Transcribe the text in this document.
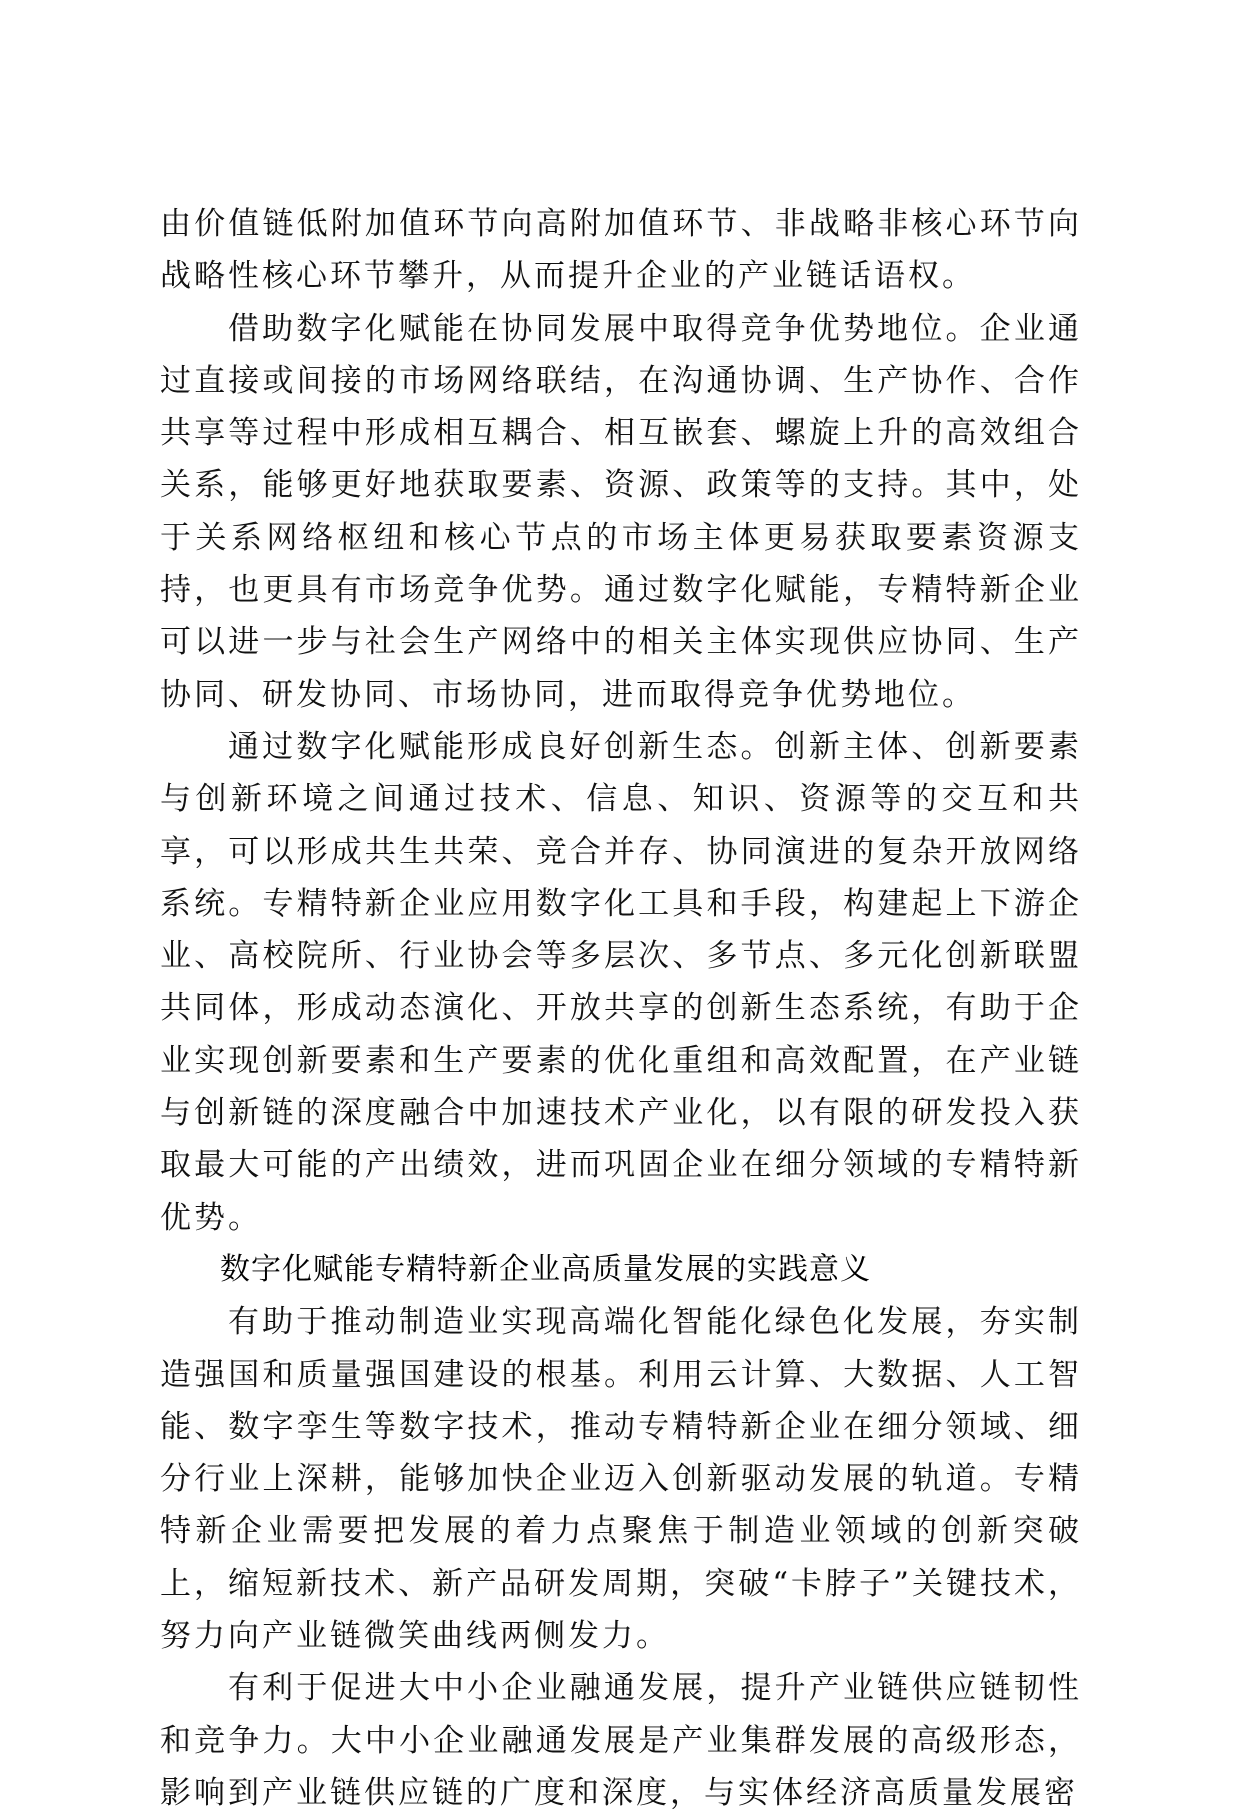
由价值链低附加值环节向高附加值环节、非战略非核心环节向战略性核心环节攀升，从而提升企业的产业链话语权。

借助数字化赋能在协同发展中取得竞争优势地位。企业通过直接或间接的市场网络联结，在沟通协调、生产协作、合作共享等过程中形成相互耦合、相互嵌套、螺旋上升的高效组合关系，能够更好地获取要素、资源、政策等的支持。其中，处于关系网络枢纽和核心节点的市场主体更易获取要素资源支持，也更具有市场竞争优势。通过数字化赋能，专精特新企业可以进一步与社会生产网络中的相关主体实现供应协同、生产协同、研发协同、市场协同，进而取得竞争优势地位。

通过数字化赋能形成良好创新生态。创新主体、创新要素与创新环境之间通过技术、信息、知识、资源等的交互和共享，可以形成共生共荣、竞合并存、协同演进的复杂开放网络系统。专精特新企业应用数字化工具和手段，构建起上下游企业、高校院所、行业协会等多层次、多节点、多元化创新联盟共同体，形成动态演化、开放共享的创新生态系统，有助于企业实现创新要素和生产要素的优化重组和高效配置，在产业链与创新链的深度融合中加速技术产业化，以有限的研发投入获取最大可能的产出绩效，进而巩固企业在细分领域的专精特新优势。

数字化赋能专精特新企业高质量发展的实践意义

有助于推动制造业实现高端化智能化绿色化发展，夯实制造强国和质量强国建设的根基。利用云计算、大数据、人工智能、数字孪生等数字技术，推动专精特新企业在细分领域、细分行业上深耕，能够加快企业迈入创新驱动发展的轨道。专精特新企业需要把发展的着力点聚焦于制造业领域的创新突破上，缩短新技术、新产品研发周期，突破“卡脖子”关键技术，努力向产业链微笑曲线两侧发力。

有利于促进大中小企业融通发展，提升产业链供应链韧性和竞争力。大中小企业融通发展是产业集群发展的高级形态，影响到产业链供应链的广度和深度，与实体经济高质量发展密
